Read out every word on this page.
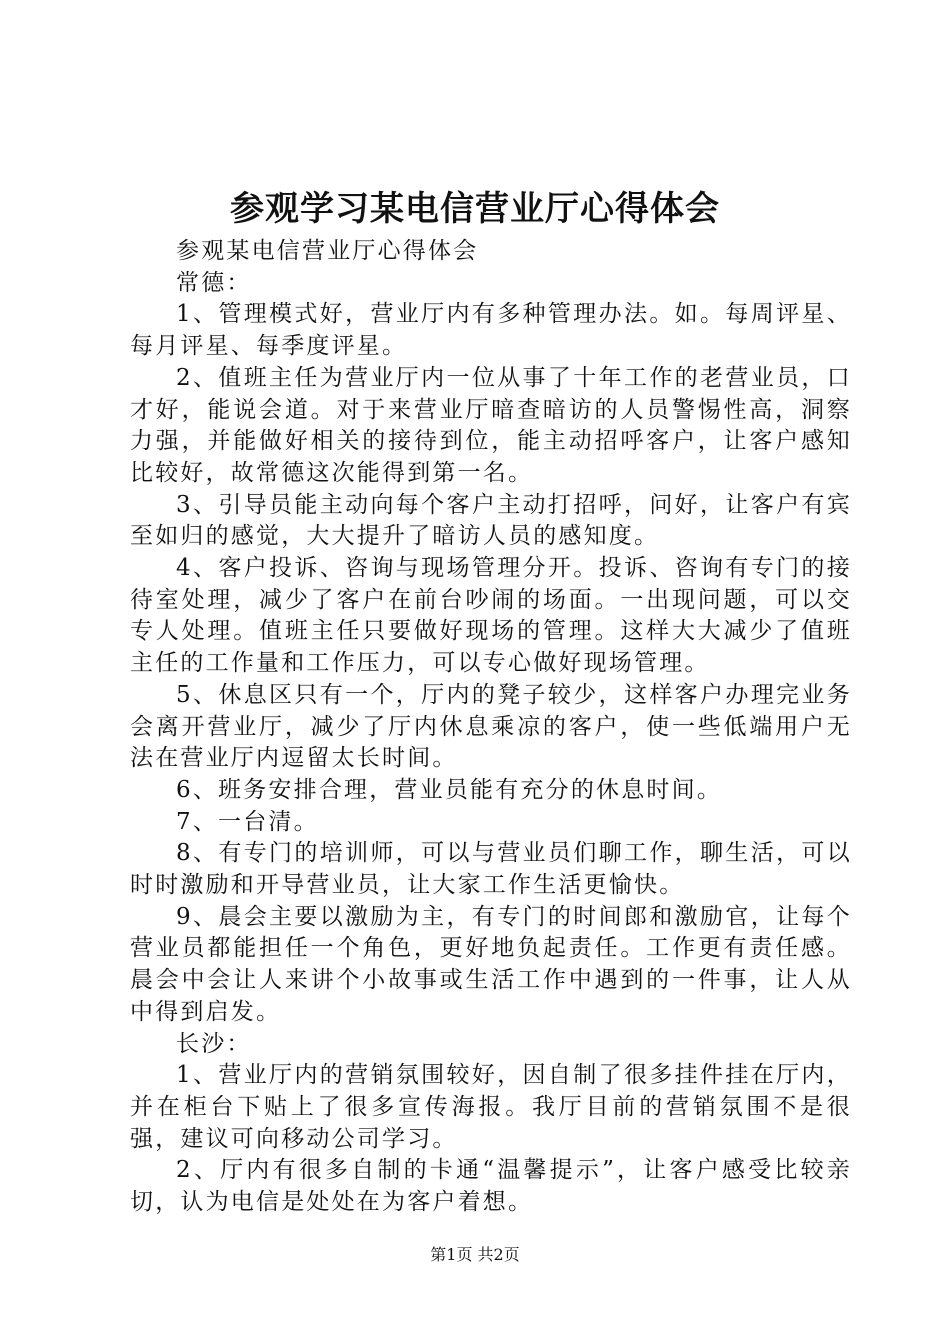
参观学习某电信营业厅心得体会

参观某电信营业厅心得体会

常德：

1、管理模式好，营业厅内有多种管理办法。如。每周评星、每月评星、每季度评星。

2、值班主任为营业厅内一位从事了十年工作的老营业员，口才好，能说会道。对于来营业厅暗查暗访的人员警惕性高，洞察力强，并能做好相关的接待到位，能主动招呼客户，让客户感知比较好，故常德这次能得到第一名。

3、引导员能主动向每个客户主动打招呼，问好，让客户有宾至如归的感觉，大大提升了暗访人员的感知度。

4、客户投诉、咨询与现场管理分开。投诉、咨询有专门的接待室处理，减少了客户在前台吵闹的场面。一出现问题，可以交专人处理。值班主任只要做好现场的管理。这样大大减少了值班主任的工作量和工作压力，可以专心做好现场管理。

5、休息区只有一个，厅内的凳子较少，这样客户办理完业务会离开营业厅，减少了厅内休息乘凉的客户，使一些低端用户无法在营业厅内逗留太长时间。

6、班务安排合理，营业员能有充分的休息时间。

7、一台清。

8、有专门的培训师，可以与营业员们聊工作，聊生活，可以时时激励和开导营业员，让大家工作生活更愉快。

9、晨会主要以激励为主，有专门的时间郎和激励官，让每个营业员都能担任一个角色，更好地负起责任。工作更有责任感。晨会中会让人来讲个小故事或生活工作中遇到的一件事，让人从中得到启发。

长沙：

1、营业厅内的营销氛围较好，因自制了很多挂件挂在厅内，并在柜台下贴上了很多宣传海报。我厅目前的营销氛围不是很强，建议可向移动公司学习。

2、厅内有很多自制的卡通“温馨提示”，让客户感受比较亲切，认为电信是处处在为客户着想。

第1页 共2页
